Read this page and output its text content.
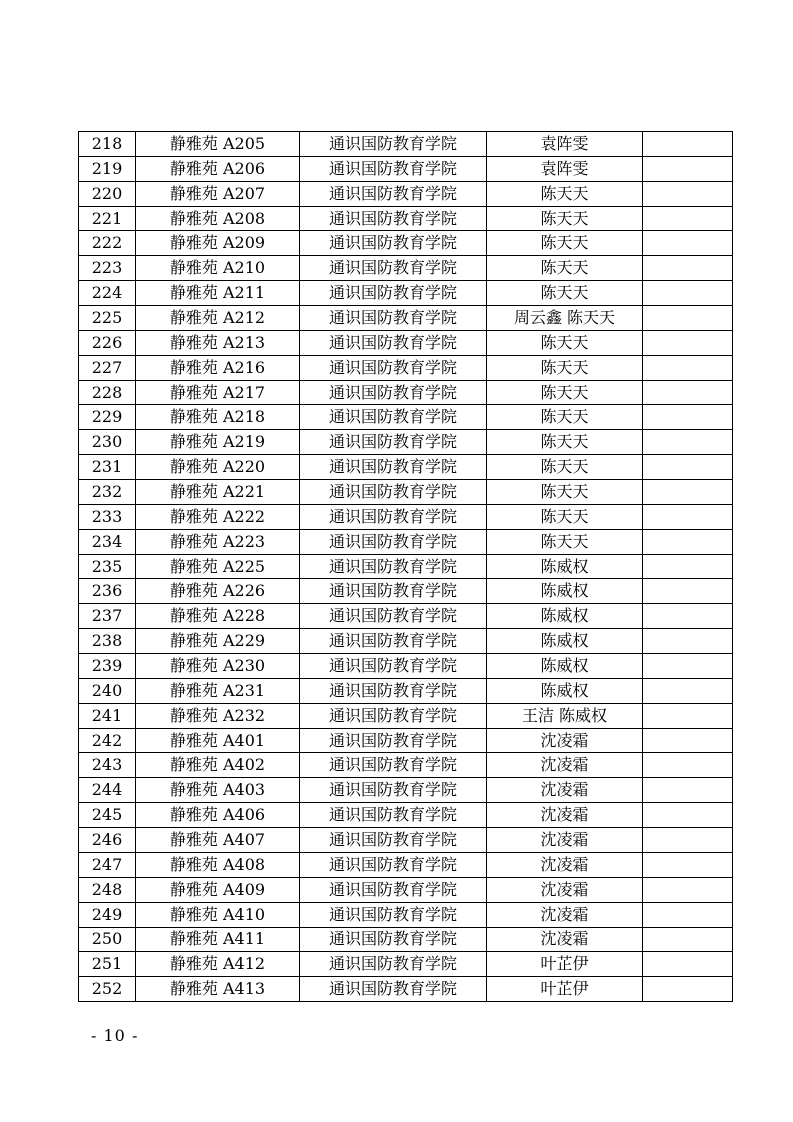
218	静雅苑 A205	通识国防教育学院	袁阵雯	
219	静雅苑 A206	通识国防教育学院	袁阵雯	
220	静雅苑 A207	通识国防教育学院	陈天天	
221	静雅苑 A208	通识国防教育学院	陈天天	
222	静雅苑 A209	通识国防教育学院	陈天天	
223	静雅苑 A210	通识国防教育学院	陈天天	
224	静雅苑 A211	通识国防教育学院	陈天天	
225	静雅苑 A212	通识国防教育学院	周云鑫 陈天天	
226	静雅苑 A213	通识国防教育学院	陈天天	
227	静雅苑 A216	通识国防教育学院	陈天天	
228	静雅苑 A217	通识国防教育学院	陈天天	
229	静雅苑 A218	通识国防教育学院	陈天天	
230	静雅苑 A219	通识国防教育学院	陈天天	
231	静雅苑 A220	通识国防教育学院	陈天天	
232	静雅苑 A221	通识国防教育学院	陈天天	
233	静雅苑 A222	通识国防教育学院	陈天天	
234	静雅苑 A223	通识国防教育学院	陈天天	
235	静雅苑 A225	通识国防教育学院	陈威权	
236	静雅苑 A226	通识国防教育学院	陈威权	
237	静雅苑 A228	通识国防教育学院	陈威权	
238	静雅苑 A229	通识国防教育学院	陈威权	
239	静雅苑 A230	通识国防教育学院	陈威权	
240	静雅苑 A231	通识国防教育学院	陈威权	
241	静雅苑 A232	通识国防教育学院	王洁 陈威权	
242	静雅苑 A401	通识国防教育学院	沈凌霜	
243	静雅苑 A402	通识国防教育学院	沈凌霜	
244	静雅苑 A403	通识国防教育学院	沈凌霜	
245	静雅苑 A406	通识国防教育学院	沈凌霜	
246	静雅苑 A407	通识国防教育学院	沈凌霜	
247	静雅苑 A408	通识国防教育学院	沈凌霜	
248	静雅苑 A409	通识国防教育学院	沈凌霜	
249	静雅苑 A410	通识国防教育学院	沈凌霜	
250	静雅苑 A411	通识国防教育学院	沈凌霜	
251	静雅苑 A412	通识国防教育学院	叶芷伊	
252	静雅苑 A413	通识国防教育学院	叶芷伊	
- 10 -
